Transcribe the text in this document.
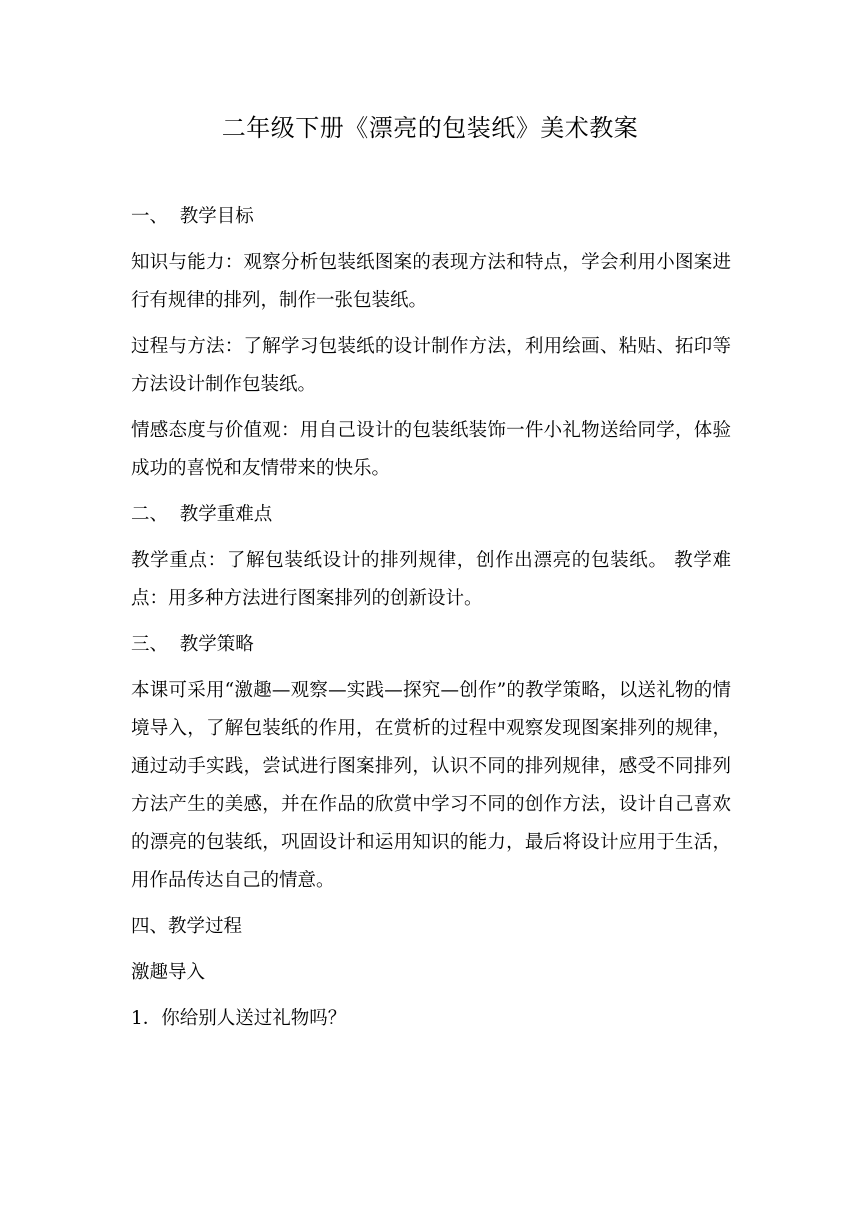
二年级下册《漂亮的包装纸》美术教案

一、  教学目标

知识与能力：观察分析包装纸图案的表现方法和特点，学会利用小图案进行有规律的排列，制作一张包装纸。

过程与方法：了解学习包装纸的设计制作方法，利用绘画、粘贴、拓印等方法设计制作包装纸。

情感态度与价值观：用自己设计的包装纸装饰一件小礼物送给同学，体验成功的喜悦和友情带来的快乐。

二、  教学重难点

教学重点：了解包装纸设计的排列规律，创作出漂亮的包装纸。 教学难点：用多种方法进行图案排列的创新设计。

三、  教学策略

本课可采用“激趣—观察—实践—探究—创作”的教学策略，以送礼物的情境导入，了解包装纸的作用，在赏析的过程中观察发现图案排列的规律，通过动手实践，尝试进行图案排列，认识不同的排列规律，感受不同排列方法产生的美感，并在作品的欣赏中学习不同的创作方法，设计自己喜欢的漂亮的包装纸，巩固设计和运用知识的能力，最后将设计应用于生活，用作品传达自己的情意。

四、教学过程

激趣导入

1．你给别人送过礼物吗？
